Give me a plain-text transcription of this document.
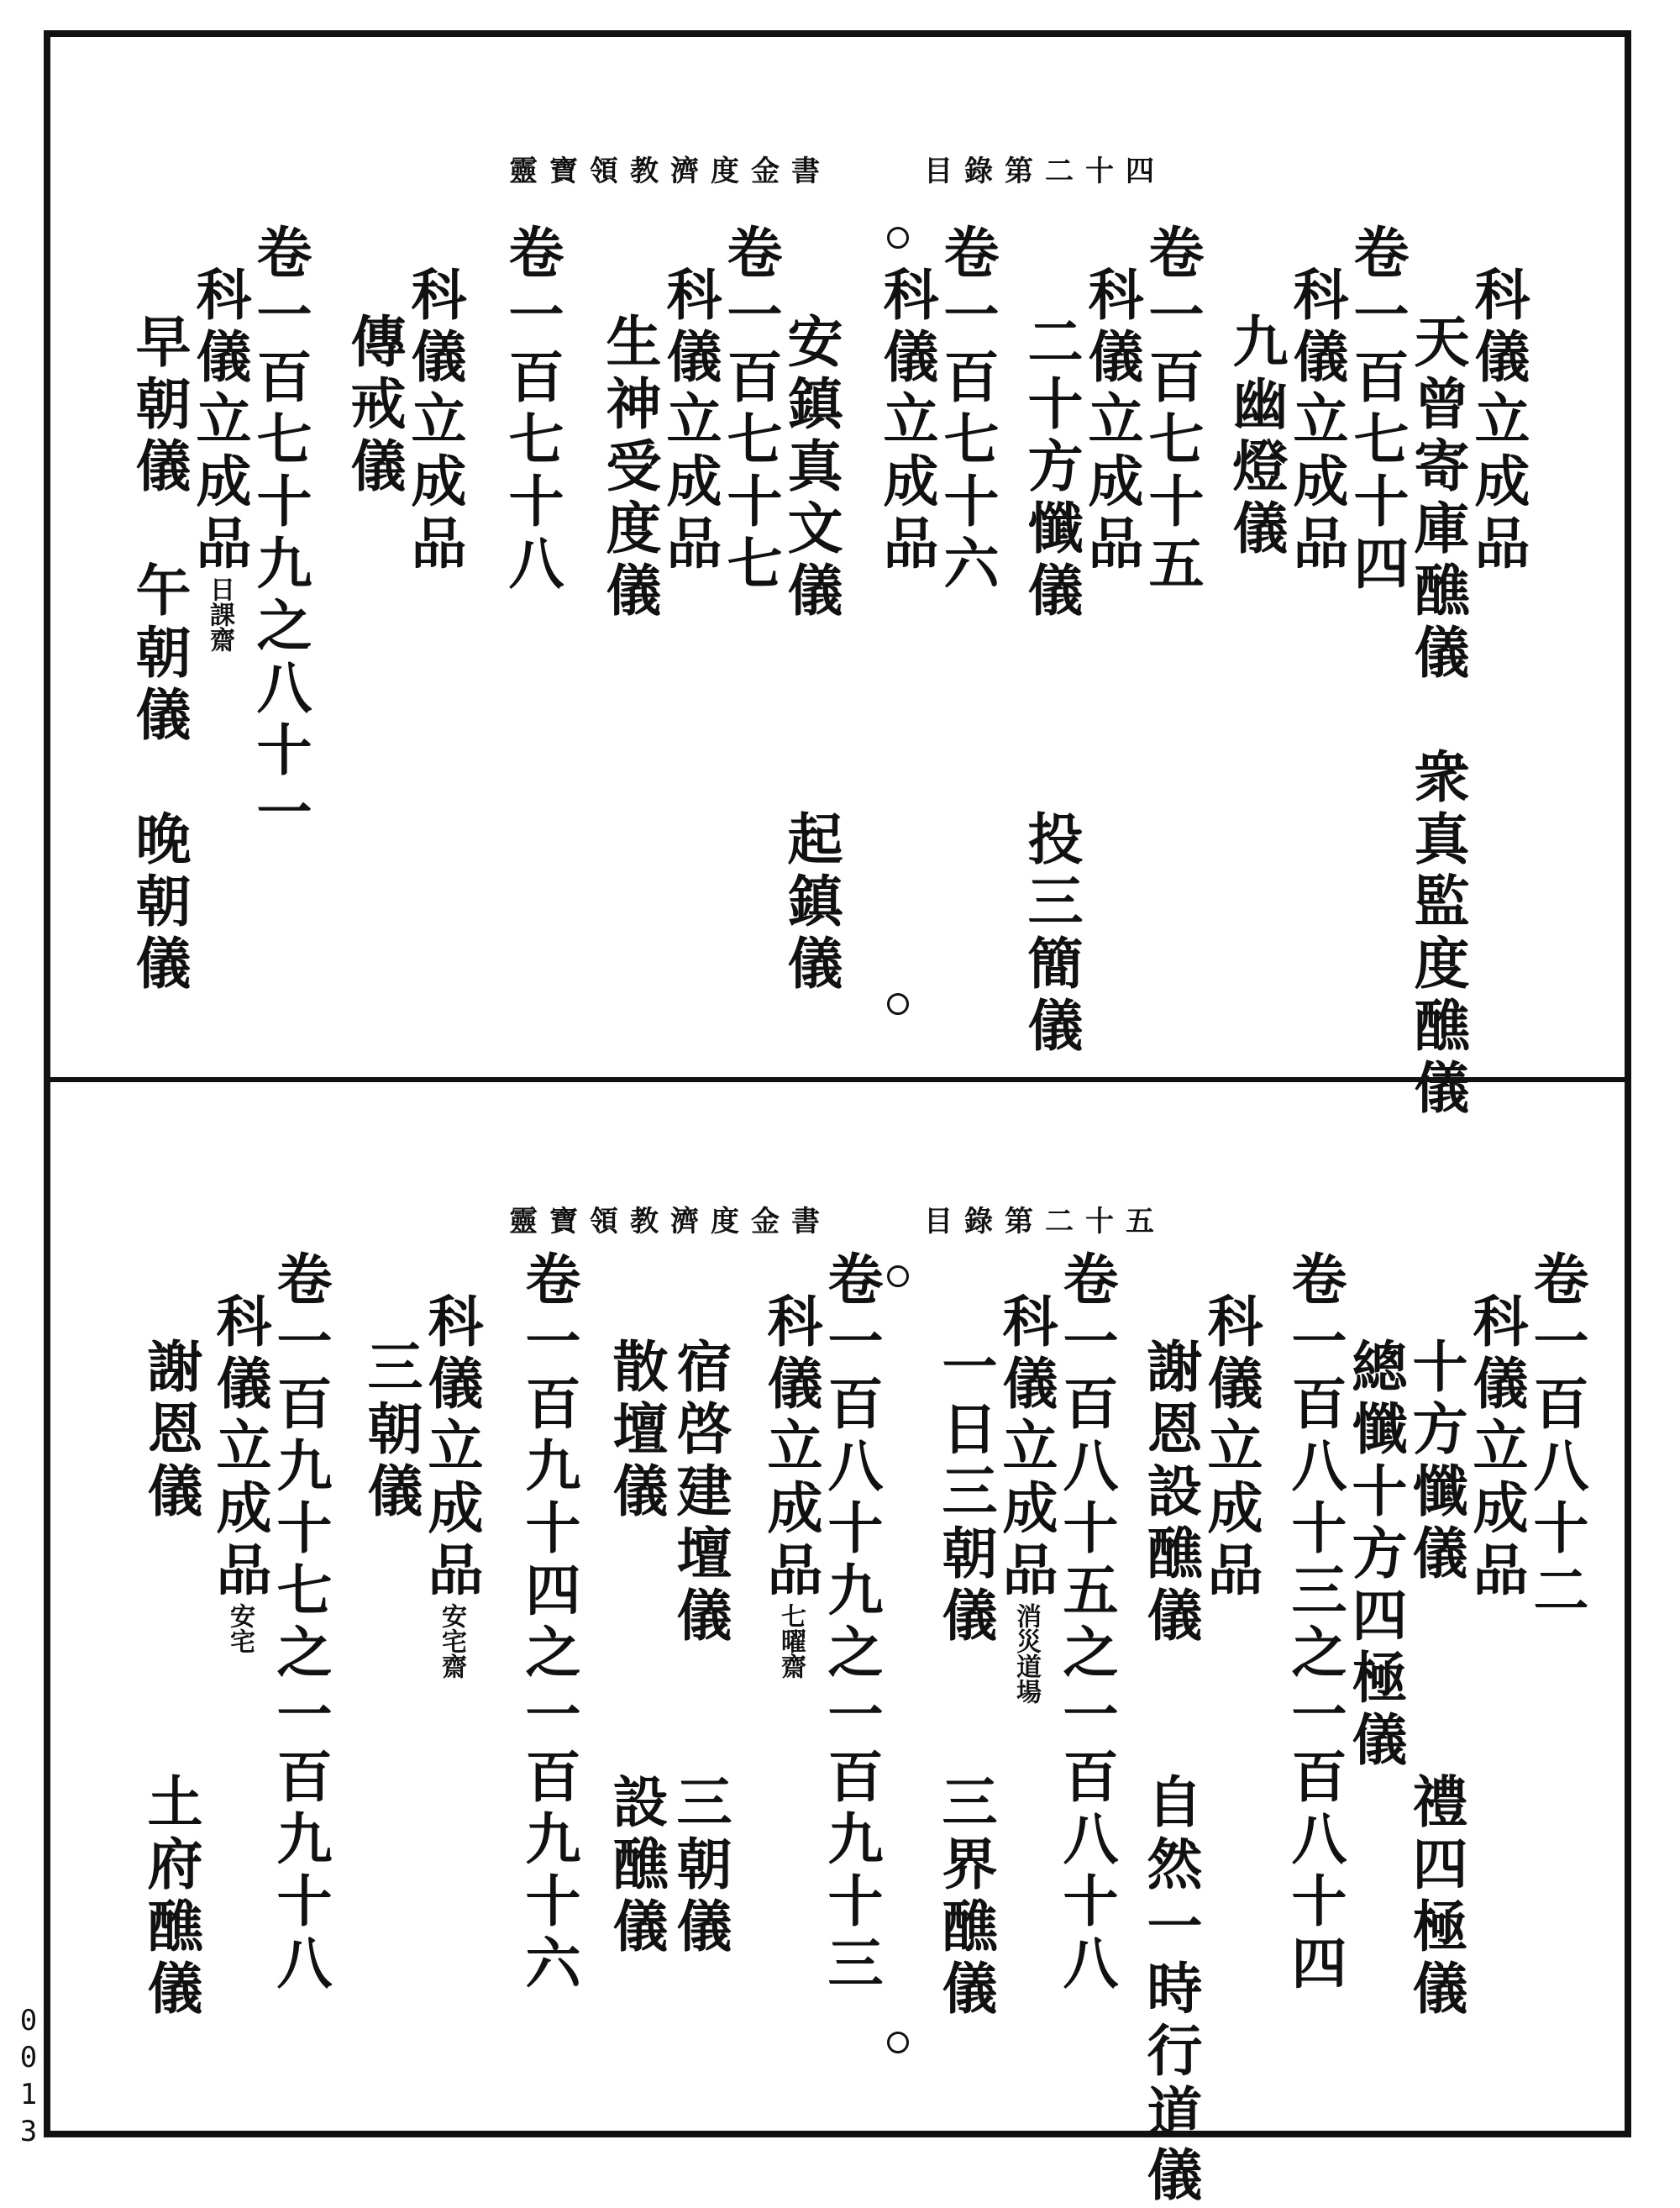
靈寶領教濟度金書	目錄第二十四
科儀立成品
天曾寄庫醮儀　衆真監度醮儀
卷一百七十四
科儀立成品
九幽燈儀
卷一百七十五
科儀立成品
二十方懺儀　　　投三簡儀
卷一百七十六
科儀立成品
安鎮真文儀　　　起鎮儀
卷一百七十七
科儀立成品
生神受度儀
卷一百七十八
科儀立成品
傳戒儀
卷一百七十九之八十一
科儀立成品日課齋
早朝儀　午朝儀　晚朝儀
靈寶領教濟度金書	目錄第二十五
卷一百八十二
科儀立成品
十方懺儀　　　禮四極儀
總懺十方四極儀
卷一百八十三之一百八十四
科儀立成品
謝恩設醮儀　　自然一時行道儀
卷一百八十五之一百八十八
科儀立成品消災道場
一日三朝儀　　三界醮儀
卷一百八十九之一百九十三
科儀立成品七曜齋
宿啓建壇儀　　三朝儀
散壇儀　　　　設醮儀
卷一百九十四之一百九十六
科儀立成品安宅齋
三朝儀
卷一百九十七之一百九十八
科儀立成品安宅
謝恩儀　　　　土府醮儀
0013
